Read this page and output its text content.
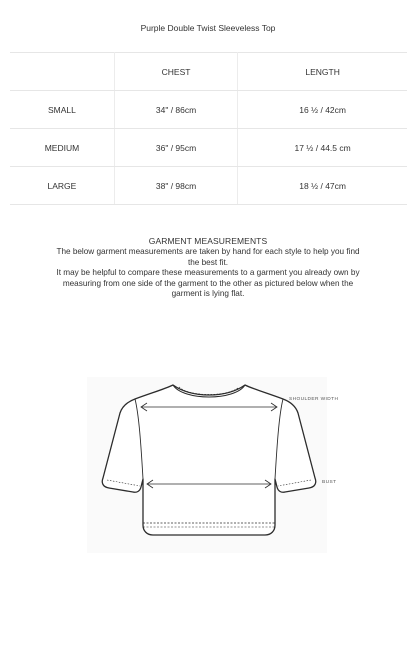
Purple Double Twist Sleeveless Top
	CHEST	LENGTH
SMALL	34" / 86cm	16 ½ / 42cm
MEDIUM	36" / 95cm	17 ½ / 44.5 cm
LARGE	38" / 98cm	18 ½ / 47cm
GARMENT MEASUREMENTS

The below garment measurements are taken by hand for each style to help you find the best fit.

It may be helpful to compare these measurements to a garment you already own by measuring from one side of the garment to the other as pictured below when the garment is lying flat.

SHOULDER WIDTH
BUST
